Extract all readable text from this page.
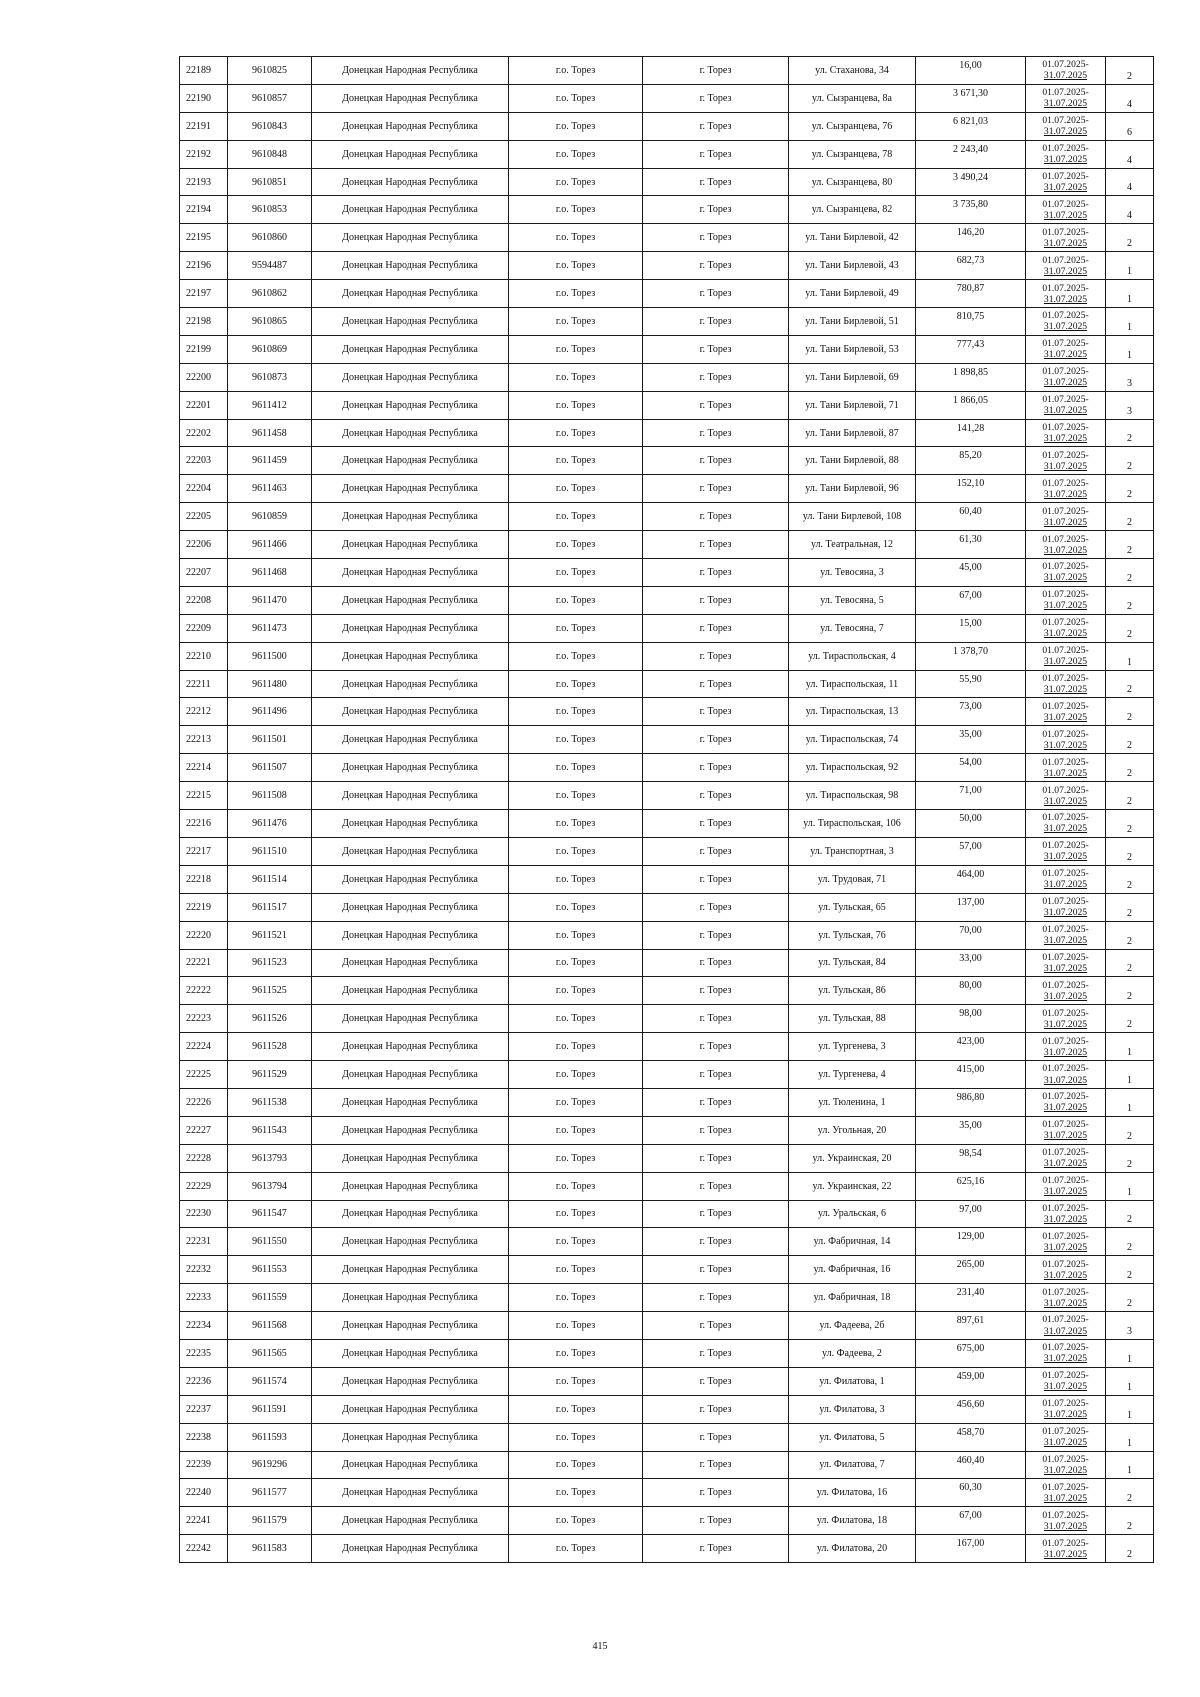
22189	9610825	Донецкая Народная Республика	г.о. Торез	г. Торез	ул. Стаханова, 34	16,00	01.07.2025-
31.07.2025	2
22190	9610857	Донецкая Народная Республика	г.о. Торез	г. Торез	ул. Сызранцева, 8а	3 671,30	01.07.2025-
31.07.2025	4
22191	9610843	Донецкая Народная Республика	г.о. Торез	г. Торез	ул. Сызранцева, 76	6 821,03	01.07.2025-
31.07.2025	6
22192	9610848	Донецкая Народная Республика	г.о. Торез	г. Торез	ул. Сызранцева, 78	2 243,40	01.07.2025-
31.07.2025	4
22193	9610851	Донецкая Народная Республика	г.о. Торез	г. Торез	ул. Сызранцева, 80	3 490,24	01.07.2025-
31.07.2025	4
22194	9610853	Донецкая Народная Республика	г.о. Торез	г. Торез	ул. Сызранцева, 82	3 735,80	01.07.2025-
31.07.2025	4
22195	9610860	Донецкая Народная Республика	г.о. Торез	г. Торез	ул. Тани Бирлевой, 42	146,20	01.07.2025-
31.07.2025	2
22196	9594487	Донецкая Народная Республика	г.о. Торез	г. Торез	ул. Тани Бирлевой, 43	682,73	01.07.2025-
31.07.2025	1
22197	9610862	Донецкая Народная Республика	г.о. Торез	г. Торез	ул. Тани Бирлевой, 49	780,87	01.07.2025-
31.07.2025	1
22198	9610865	Донецкая Народная Республика	г.о. Торез	г. Торез	ул. Тани Бирлевой, 51	810,75	01.07.2025-
31.07.2025	1
22199	9610869	Донецкая Народная Республика	г.о. Торез	г. Торез	ул. Тани Бирлевой, 53	777,43	01.07.2025-
31.07.2025	1
22200	9610873	Донецкая Народная Республика	г.о. Торез	г. Торез	ул. Тани Бирлевой, 69	1 898,85	01.07.2025-
31.07.2025	3
22201	9611412	Донецкая Народная Республика	г.о. Торез	г. Торез	ул. Тани Бирлевой, 71	1 866,05	01.07.2025-
31.07.2025	3
22202	9611458	Донецкая Народная Республика	г.о. Торез	г. Торез	ул. Тани Бирлевой, 87	141,28	01.07.2025-
31.07.2025	2
22203	9611459	Донецкая Народная Республика	г.о. Торез	г. Торез	ул. Тани Бирлевой, 88	85,20	01.07.2025-
31.07.2025	2
22204	9611463	Донецкая Народная Республика	г.о. Торез	г. Торез	ул. Тани Бирлевой, 96	152,10	01.07.2025-
31.07.2025	2
22205	9610859	Донецкая Народная Республика	г.о. Торез	г. Торез	ул. Тани Бирлевой, 108	60,40	01.07.2025-
31.07.2025	2
22206	9611466	Донецкая Народная Республика	г.о. Торез	г. Торез	ул. Театральная, 12	61,30	01.07.2025-
31.07.2025	2
22207	9611468	Донецкая Народная Республика	г.о. Торез	г. Торез	ул. Тевосяна, 3	45,00	01.07.2025-
31.07.2025	2
22208	9611470	Донецкая Народная Республика	г.о. Торез	г. Торез	ул. Тевосяна, 5	67,00	01.07.2025-
31.07.2025	2
22209	9611473	Донецкая Народная Республика	г.о. Торез	г. Торез	ул. Тевосяна, 7	15,00	01.07.2025-
31.07.2025	2
22210	9611500	Донецкая Народная Республика	г.о. Торез	г. Торез	ул. Тираспольская, 4	1 378,70	01.07.2025-
31.07.2025	1
22211	9611480	Донецкая Народная Республика	г.о. Торез	г. Торез	ул. Тираспольская, 11	55,90	01.07.2025-
31.07.2025	2
22212	9611496	Донецкая Народная Республика	г.о. Торез	г. Торез	ул. Тираспольская, 13	73,00	01.07.2025-
31.07.2025	2
22213	9611501	Донецкая Народная Республика	г.о. Торез	г. Торез	ул. Тираспольская, 74	35,00	01.07.2025-
31.07.2025	2
22214	9611507	Донецкая Народная Республика	г.о. Торез	г. Торез	ул. Тираспольская, 92	54,00	01.07.2025-
31.07.2025	2
22215	9611508	Донецкая Народная Республика	г.о. Торез	г. Торез	ул. Тираспольская, 98	71,00	01.07.2025-
31.07.2025	2
22216	9611476	Донецкая Народная Республика	г.о. Торез	г. Торез	ул. Тираспольская, 106	50,00	01.07.2025-
31.07.2025	2
22217	9611510	Донецкая Народная Республика	г.о. Торез	г. Торез	ул. Транспортная, 3	57,00	01.07.2025-
31.07.2025	2
22218	9611514	Донецкая Народная Республика	г.о. Торез	г. Торез	ул. Трудовая, 71	464,00	01.07.2025-
31.07.2025	2
22219	9611517	Донецкая Народная Республика	г.о. Торез	г. Торез	ул. Тульская, 65	137,00	01.07.2025-
31.07.2025	2
22220	9611521	Донецкая Народная Республика	г.о. Торез	г. Торез	ул. Тульская, 76	70,00	01.07.2025-
31.07.2025	2
22221	9611523	Донецкая Народная Республика	г.о. Торез	г. Торез	ул. Тульская, 84	33,00	01.07.2025-
31.07.2025	2
22222	9611525	Донецкая Народная Республика	г.о. Торез	г. Торез	ул. Тульская, 86	80,00	01.07.2025-
31.07.2025	2
22223	9611526	Донецкая Народная Республика	г.о. Торез	г. Торез	ул. Тульская, 88	98,00	01.07.2025-
31.07.2025	2
22224	9611528	Донецкая Народная Республика	г.о. Торез	г. Торез	ул. Тургенева, 3	423,00	01.07.2025-
31.07.2025	1
22225	9611529	Донецкая Народная Республика	г.о. Торез	г. Торез	ул. Тургенева, 4	415,00	01.07.2025-
31.07.2025	1
22226	9611538	Донецкая Народная Республика	г.о. Торез	г. Торез	ул. Тюленина, 1	986,80	01.07.2025-
31.07.2025	1
22227	9611543	Донецкая Народная Республика	г.о. Торез	г. Торез	ул. Угольная, 20	35,00	01.07.2025-
31.07.2025	2
22228	9613793	Донецкая Народная Республика	г.о. Торез	г. Торез	ул. Украинская, 20	98,54	01.07.2025-
31.07.2025	2
22229	9613794	Донецкая Народная Республика	г.о. Торез	г. Торез	ул. Украинская, 22	625,16	01.07.2025-
31.07.2025	1
22230	9611547	Донецкая Народная Республика	г.о. Торез	г. Торез	ул. Уральская, 6	97,00	01.07.2025-
31.07.2025	2
22231	9611550	Донецкая Народная Республика	г.о. Торез	г. Торез	ул. Фабричная, 14	129,00	01.07.2025-
31.07.2025	2
22232	9611553	Донецкая Народная Республика	г.о. Торез	г. Торез	ул. Фабричная, 16	265,00	01.07.2025-
31.07.2025	2
22233	9611559	Донецкая Народная Республика	г.о. Торез	г. Торез	ул. Фабричная, 18	231,40	01.07.2025-
31.07.2025	2
22234	9611568	Донецкая Народная Республика	г.о. Торез	г. Торез	ул. Фадеева, 2б	897,61	01.07.2025-
31.07.2025	3
22235	9611565	Донецкая Народная Республика	г.о. Торез	г. Торез	ул. Фадеева, 2	675,00	01.07.2025-
31.07.2025	1
22236	9611574	Донецкая Народная Республика	г.о. Торез	г. Торез	ул. Филатова, 1	459,00	01.07.2025-
31.07.2025	1
22237	9611591	Донецкая Народная Республика	г.о. Торез	г. Торез	ул. Филатова, 3	456,60	01.07.2025-
31.07.2025	1
22238	9611593	Донецкая Народная Республика	г.о. Торез	г. Торез	ул. Филатова, 5	458,70	01.07.2025-
31.07.2025	1
22239	9619296	Донецкая Народная Республика	г.о. Торез	г. Торез	ул. Филатова, 7	460,40	01.07.2025-
31.07.2025	1
22240	9611577	Донецкая Народная Республика	г.о. Торез	г. Торез	ул. Филатова, 16	60,30	01.07.2025-
31.07.2025	2
22241	9611579	Донецкая Народная Республика	г.о. Торез	г. Торез	ул. Филатова, 18	67,00	01.07.2025-
31.07.2025	2
22242	9611583	Донецкая Народная Республика	г.о. Торез	г. Торез	ул. Филатова, 20	167,00	01.07.2025-
31.07.2025	2
415
